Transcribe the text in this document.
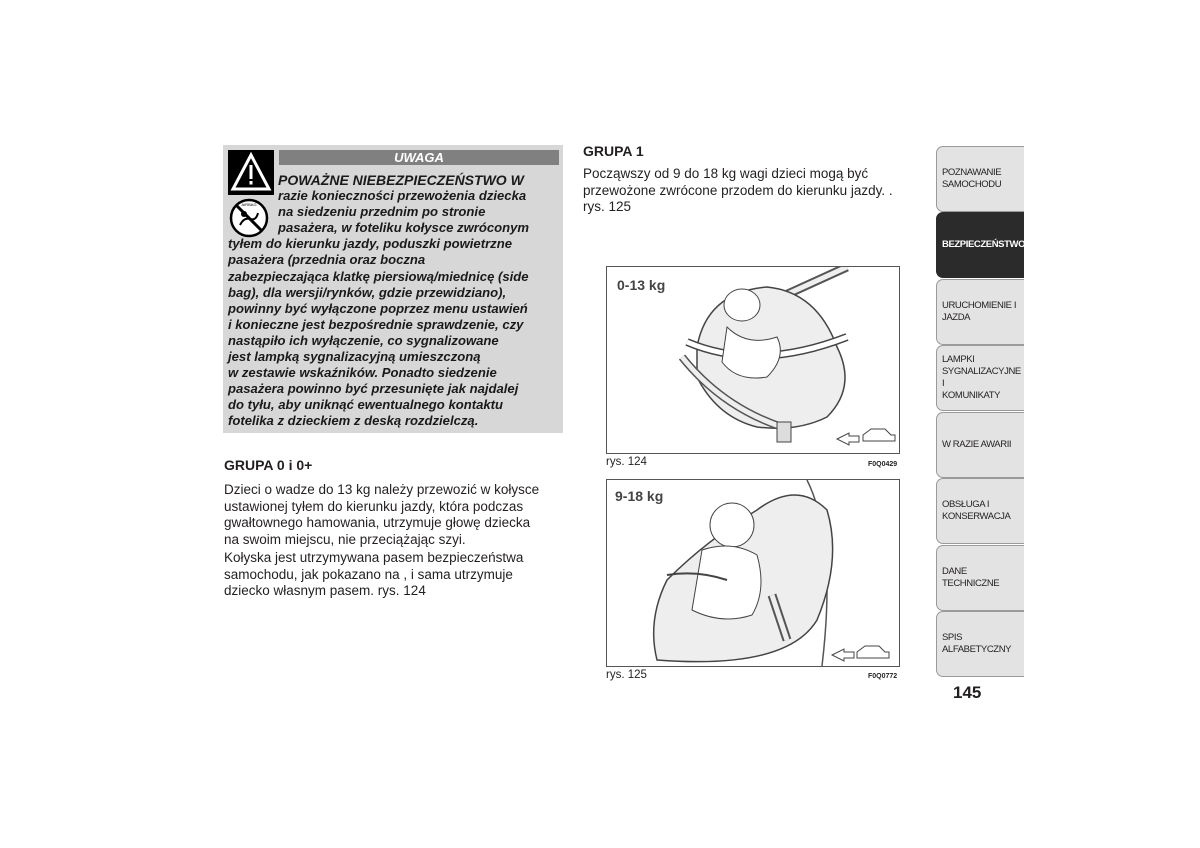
UWAGA
AIRBAG
POWAŻNE NIEBEZPIECZEŃSTWO W
razie konieczności przewożenia dziecka
na siedzeniu przednim po stronie
pasażera, w foteliku kołysce zwróconym
tyłem do kierunku jazdy, poduszki powietrzne
pasażera (przednia oraz boczna
zabezpieczająca klatkę piersiową/miednicę (side
bag), dla wersji/rynków, gdzie przewidziano),
powinny być wyłączone poprzez menu ustawień
i konieczne jest bezpośrednie sprawdzenie, czy
nastąpiło ich wyłączenie, co sygnalizowane
jest lampką sygnalizacyjną umieszczoną
w zestawie wskaźników. Ponadto siedzenie
pasażera powinno być przesunięte jak najdalej
do tyłu, aby uniknąć ewentualnego kontaktu
fotelika z dzieckiem z deską rozdzielczą.
GRUPA 0 i 0+
Dzieci o wadze do 13 kg należy przewozić w kołysce
ustawionej tyłem do kierunku jazdy, która podczas
gwałtownego hamowania, utrzymuje głowę dziecka
na swoim miejscu, nie przeciążając szyi.
Kołyska jest utrzymywana pasem bezpieczeństwa
samochodu, jak pokazano na , i sama utrzymuje
dziecko własnym pasem. rys. 124
GRUPA 1
Począwszy od 9 do 18 kg wagi dzieci mogą być
przewożone zwrócone przodem do kierunku jazdy. .
rys. 125
0-13 kg
rys. 124	F0Q0429
9-18 kg
rys. 125	F0Q0772
POZNAWANIE
SAMOCHODU
BEZPIECZEŃSTWO
URUCHOMIENIE I
JAZDA
LAMPKI
SYGNALIZACYJNE I
KOMUNIKATY
W RAZIE AWARII
OBSŁUGA I
KONSERWACJA
DANE TECHNICZNE
SPIS ALFABETYCZNY
145
